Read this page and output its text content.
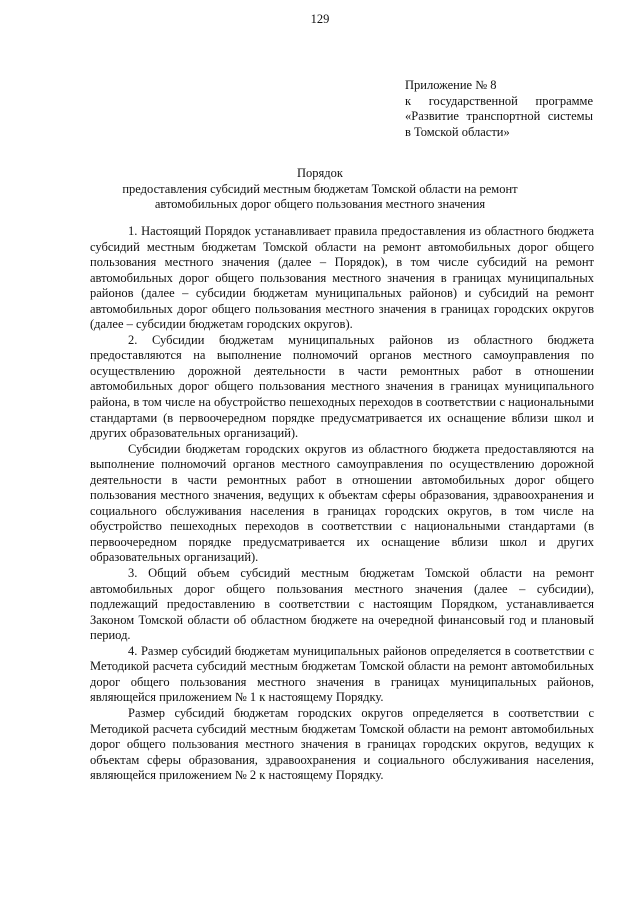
129
Приложение № 8
к государственной программе
«Развитие транспортной системы
в Томской области»
Порядок
предоставления субсидий местным бюджетам Томской области на ремонт
автомобильных дорог общего пользования местного значения

1. Настоящий Порядок устанавливает правила предоставления из областного бюджета субсидий местным бюджетам Томской области на ремонт автомобильных дорог общего пользования местного значения (далее – Порядок), в том числе субсидий на ремонт автомобильных дорог общего пользования местного значения в границах муниципальных районов (далее – субсидии бюджетам муниципальных районов) и субсидий на ремонт автомобильных дорог общего пользования местного значения в границах городских округов (далее – субсидии бюджетам городских округов).

2. Субсидии бюджетам муниципальных районов из областного бюджета предоставляются на выполнение полномочий органов местного самоуправления по осуществлению дорожной деятельности в части ремонтных работ в отношении автомобильных дорог общего пользования местного значения в границах муниципального района, в том числе на обустройство пешеходных переходов в соответствии с национальными стандартами (в первоочередном порядке предусматривается их оснащение вблизи школ и других образовательных организаций).

Субсидии бюджетам городских округов из областного бюджета предоставляются на выполнение полномочий органов местного самоуправления по осуществлению дорожной деятельности в части ремонтных работ в отношении автомобильных дорог общего пользования местного значения, ведущих к объектам сферы образования, здравоохранения и социального обслуживания населения в границах городских округов, в том числе на обустройство пешеходных переходов в соответствии с национальными стандартами (в первоочередном порядке предусматривается их оснащение вблизи школ и других образовательных организаций).

3. Общий объем субсидий местным бюджетам Томской области на ремонт автомобильных дорог общего пользования местного значения (далее – субсидии), подлежащий предоставлению в соответствии с настоящим Порядком, устанавливается Законом Томской области об областном бюджете на очередной финансовый год и плановый период.

4. Размер субсидий бюджетам муниципальных районов определяется в соответствии с Методикой расчета субсидий местным бюджетам Томской области на ремонт автомобильных дорог общего пользования местного значения в границах муниципальных районов, являющейся приложением № 1 к настоящему Порядку.

Размер субсидий бюджетам городских округов определяется в соответствии с Методикой расчета субсидий местным бюджетам Томской области на ремонт автомобильных дорог общего пользования местного значения в границах городских округов, ведущих к объектам сферы образования, здравоохранения и социального обслуживания населения, являющейся приложением № 2 к настоящему Порядку.
